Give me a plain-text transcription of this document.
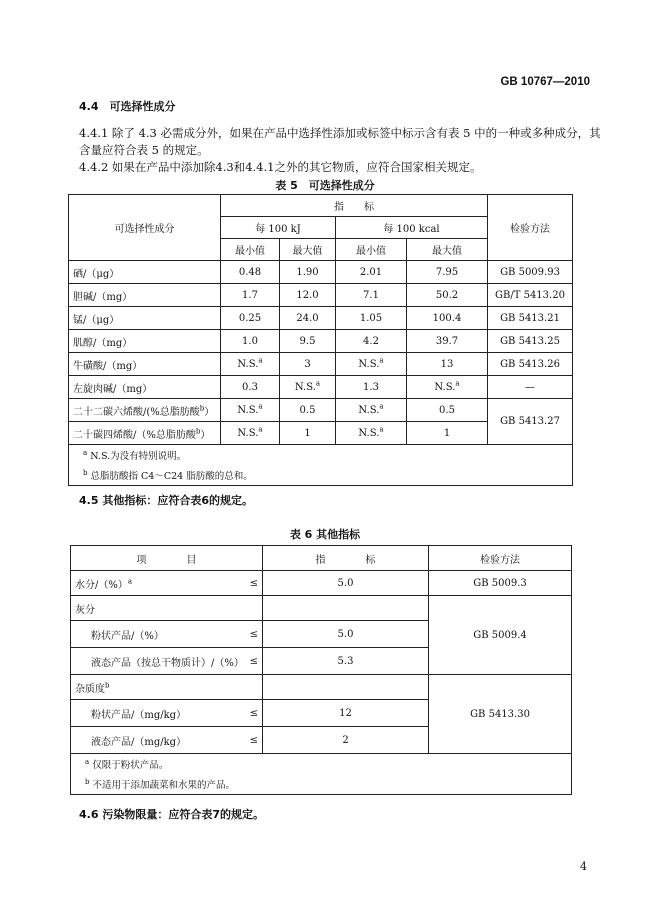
GB 10767—2010
4.4　可选择性成分
4.4.1 除了 4.3 必需成分外，如果在产品中选择性添加或标签中标示含有表 5 中的一种或多种成分，其
含量应符合表 5 的规定。
4.4.2 如果在产品中添加除4.3和4.4.1之外的其它物质，应符合国家相关规定。
表 5　可选择性成分
可选择性成分	指　　标				检验方法
	每 100 kJ		每 100 kcal		
	最小值	最大值	最小值	最大值	
硒/（μg）	0.48	1.90	2.01	7.95	GB 5009.93
胆碱/（mg）	1.7	12.0	7.1	50.2	GB/T 5413.20
锰/（μg）	0.25	24.0	1.05	100.4	GB 5413.21
肌醇/（mg）	1.0	9.5	4.2	39.7	GB 5413.25
牛磺酸/（mg）	N.S.$^a$	3	N.S.$^a$	13	GB 5413.26
左旋肉碱/（mg）	0.3	N.S.$^a$	1.3	N.S.$^a$	—
二十二碳六烯酸/(%总脂肪酸$^b$）	N.S.$^a$	0.5	N.S.$^a$	0.5	GB 5413.27
二十碳四烯酸/（%总脂肪酸$^b$）	N.S.$^a$	1	N.S.$^a$	1	
$^a$ N.S.为没有特别说明。					
$^b$ 总脂肪酸指 C4～C24 脂肪酸的总和。					
4.5 其他指标：应符合表6的规定。
表 6 其他指标
项　　　　目	指　　　　标	检验方法

水分/（%）$^a$ ≤	5.0	GB 5009.3
灰分		GB 5009.4

粉状产品/（%） ≤	5.0	

液态产品（按总干物质计）/（%） ≤	5.3	
杂质度$^b$		GB 5413.30

粉状产品/（mg/kg） ≤	12	

液态产品/（mg/kg） ≤	2	
$^a$ 仅限于粉状产品。		
$^b$ 不适用于添加蔬菜和水果的产品。		
4.6 污染物限量：应符合表7的规定。
4
